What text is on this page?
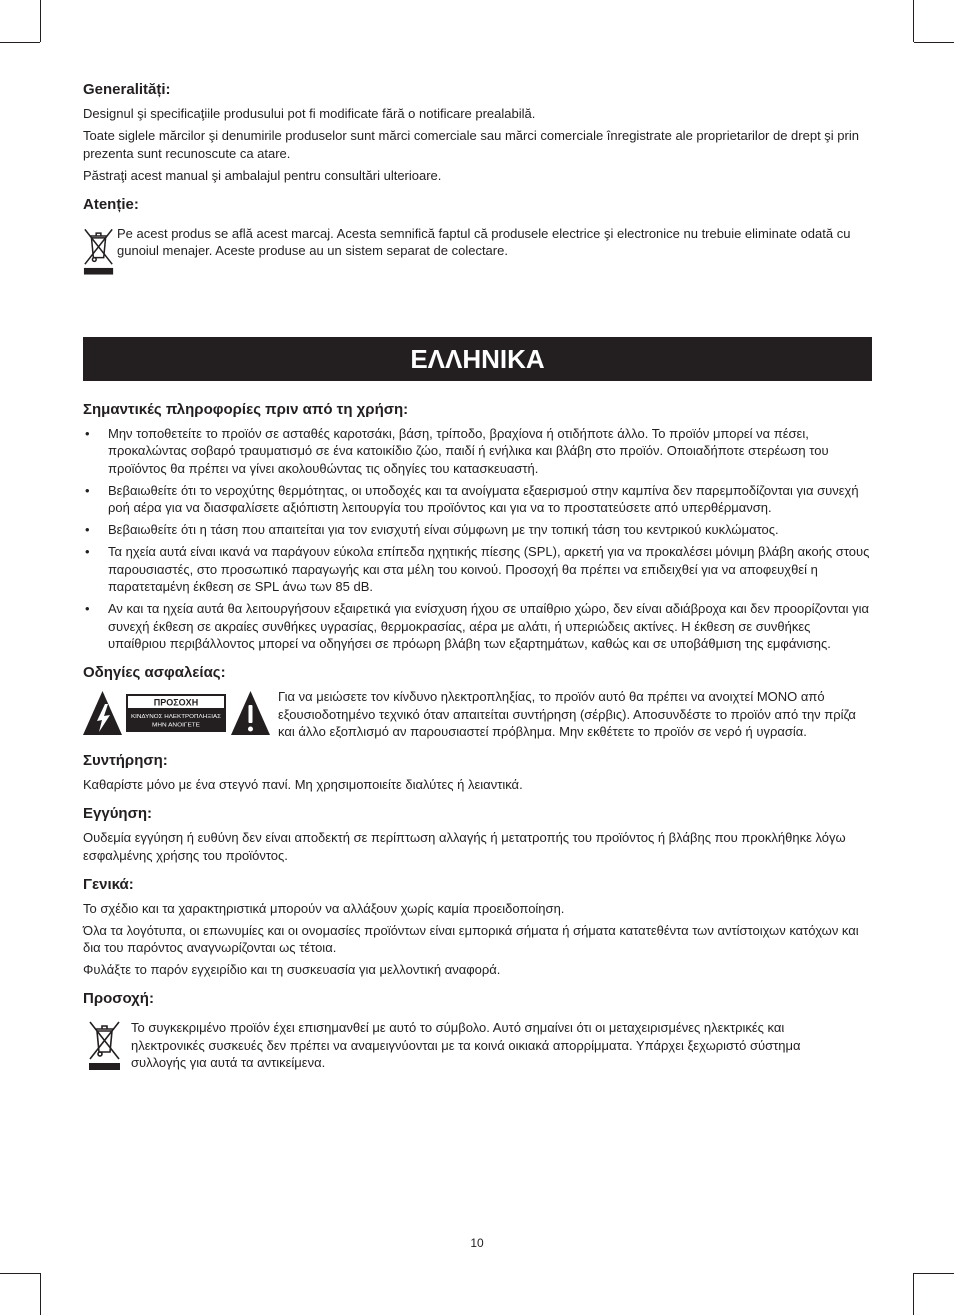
Generalități:

Designul şi specificaţiile produsului pot fi modificate fără o notificare prealabilă.

Toate siglele mărcilor şi denumirile produselor sunt mărci comerciale sau mărci comerciale înregistrate ale proprietarilor de drept şi prin prezenta sunt recunoscute ca atare.

Păstraţi acest manual şi ambalajul pentru consultări ulterioare.

Atenție:

Pe acest produs se află acest marcaj. Acesta semnifică faptul că produsele electrice şi electronice nu trebuie eliminate odată cu gunoiul menajer. Aceste produse au un sistem separat de colectare.

ΕΛΛΗΝΙΚΑ
Σημαντικές πληροφορίες πριν από τη χρήση:
• Μην τοποθετείτε το προϊόν σε ασταθές καροτσάκι, βάση, τρίποδο, βραχίονα ή οτιδήποτε άλλο. Το προϊόν μπορεί να πέσει, προκαλώντας σοβαρό τραυματισμό σε ένα κατοικίδιο ζώο, παιδί ή ενήλικα και βλάβη στο προϊόν. Οποιαδήποτε στερέωση του προϊόντος θα πρέπει να γίνει ακολουθώντας τις οδηγίες του κατασκευαστή.
• Βεβαιωθείτε ότι το νεροχύτης θερμότητας, οι υποδοχές και τα ανοίγματα εξαερισμού στην καμπίνα δεν παρεμποδίζονται για συνεχή ροή αέρα για να διασφαλίσετε αξιόπιστη λειτουργία του προϊόντος και για να το προστατεύσετε από υπερθέρμανση.
• Βεβαιωθείτε ότι η τάση που απαιτείται για τον ενισχυτή είναι σύμφωνη με την τοπική τάση του κεντρικού κυκλώματος.
• Τα ηχεία αυτά είναι ικανά να παράγουν εύκολα επίπεδα ηχητικής πίεσης (SPL), αρκετή για να προκαλέσει μόνιμη βλάβη ακοής στους παρουσιαστές, στο προσωπικό παραγωγής και στα μέλη του κοινού. Προσοχή θα πρέπει να επιδειχθεί για να αποφευχθεί η παρατεταμένη έκθεση σε SPL άνω των 85 dB.
• Αν και τα ηχεία αυτά θα λειτουργήσουν εξαιρετικά για ενίσχυση ήχου σε υπαίθριο χώρο, δεν είναι αδιάβροχα και δεν προορίζονται για συνεχή έκθεση σε ακραίες συνθήκες υγρασίας, θερμοκρασίας, αέρα με αλάτι, ή υπεριώδεις ακτίνες. Η έκθεση σε συνθήκες υπαίθριου περιβάλλοντος μπορεί να οδηγήσει σε πρόωρη βλάβη των εξαρτημάτων, καθώς και σε υποβάθμιση της εμφάνισης.
Οδηγίες ασφαλείας:
ΠΡΟΣΟΧΗ
ΚΙΝΔΥΝΟΣ ΗΛΕΚΤΡΟΠΛΗΞΙΑΣ
ΜΗΝ ΑΝΟΙΓΕΤΕ

Για να μειώσετε τον κίνδυνο ηλεκτροπληξίας, το προϊόν αυτό θα πρέπει να ανοιχτεί ΜΟΝΟ από εξουσιοδοτημένο τεχνικό όταν απαιτείται συντήρηση (σέρβις). Αποσυνδέστε το προϊόν από την πρίζα και άλλο εξοπλισμό αν παρουσιαστεί πρόβλημα. Μην εκθέτετε το προϊόν σε νερό ή υγρασία.

Συντήρηση:

Καθαρίστε μόνο με ένα στεγνό πανί. Μη χρησιμοποιείτε διαλύτες ή λειαντικά.

Εγγύηση:

Ουδεμία εγγύηση ή ευθύνη δεν είναι αποδεκτή σε περίπτωση αλλαγής ή μετατροπής του προϊόντος ή βλάβης που προκλήθηκε λόγω εσφαλμένης χρήσης του προϊόντος.

Γενικά:

Το σχέδιο και τα χαρακτηριστικά μπορούν να αλλάξουν χωρίς καμία προειδοποίηση.

Όλα τα λογότυπα, οι επωνυμίες και οι ονομασίες προϊόντων είναι εμπορικά σήματα ή σήματα κατατεθέντα των αντίστοιχων κατόχων και δια του παρόντος αναγνωρίζονται ως τέτοια.

Φυλάξτε το παρόν εγχειρίδιο και τη συσκευασία για μελλοντική αναφορά.

Προσοχή:

Το συγκεκριμένο προϊόν έχει επισημανθεί με αυτό το σύμβολο. Αυτό σημαίνει ότι οι μεταχειρισμένες ηλεκτρικές και ηλεκτρονικές συσκευές δεν πρέπει να αναμειγνύονται με τα κοινά οικιακά απορρίμματα. Υπάρχει ξεχωριστό σύστημα συλλογής για αυτά τα αντικείμενα.

10
